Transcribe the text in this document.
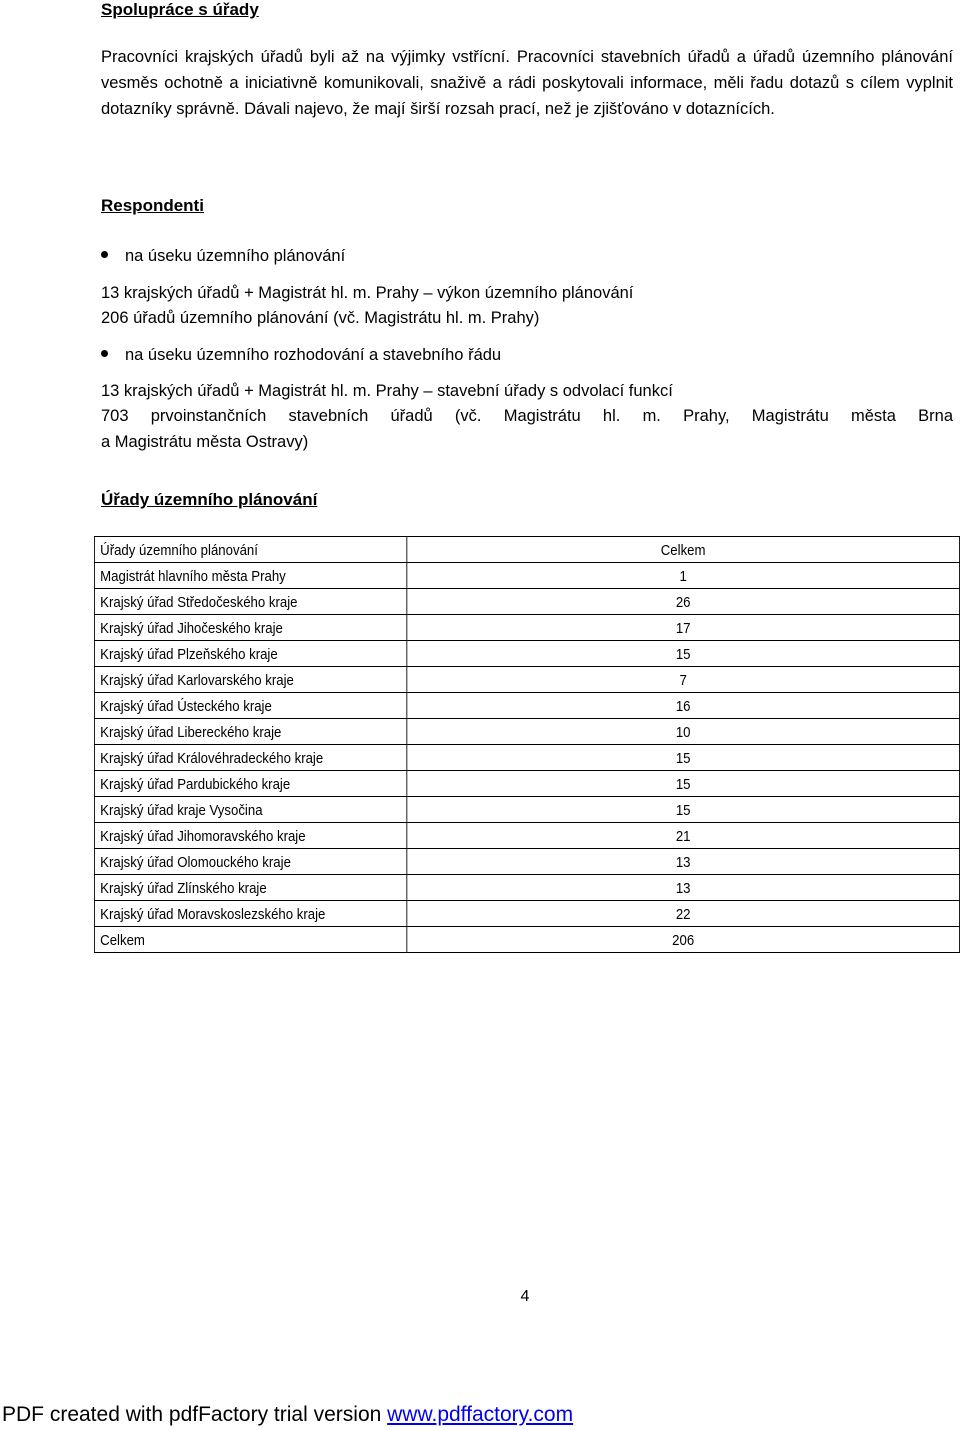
Spolupráce s úřady

Pracovníci krajských úřadů byli až na výjimky vstřícní. Pracovníci stavebních úřadů a úřadů územního plánování vesměs ochotně a iniciativně komunikovali, snaživě a rádi poskytovali informace, měli řadu dotazů s cílem vyplnit dotazníky správně. Dávali najevo, že mají širší rozsah prací, než je zjišťováno v dotaznících.

Respondenti
na úseku územního plánování

13 krajských úřadů + Magistrát hl. m. Prahy – výkon územního plánování

206 úřadů územního plánování (vč. Magistrátu hl. m. Prahy)

na úseku územního rozhodování a stavebního řádu

13 krajských úřadů + Magistrát hl. m. Prahy – stavební úřady s odvolací funkcí

703 prvoinstančních stavebních úřadů (vč. Magistrátu hl. m. Prahy, Magistrátu města Brna
a Magistrátu města Ostravy)
Úřady územního plánování
Úřady územního plánování	Celkem
Magistrát hlavního města Prahy	1
Krajský úřad Středočeského kraje	26
Krajský úřad Jihočeského kraje	17
Krajský úřad Plzeňského kraje	15
Krajský úřad Karlovarského kraje	7
Krajský úřad Ústeckého kraje	16
Krajský úřad Libereckého kraje	10
Krajský úřad Královéhradeckého kraje	15
Krajský úřad Pardubického kraje	15
Krajský úřad kraje Vysočina	15
Krajský úřad Jihomoravského kraje	21
Krajský úřad Olomouckého kraje	13
Krajský úřad Zlínského kraje	13
Krajský úřad Moravskoslezského kraje	22
Celkem	206
4
PDF created with pdfFactory trial version www.pdffactory.com
